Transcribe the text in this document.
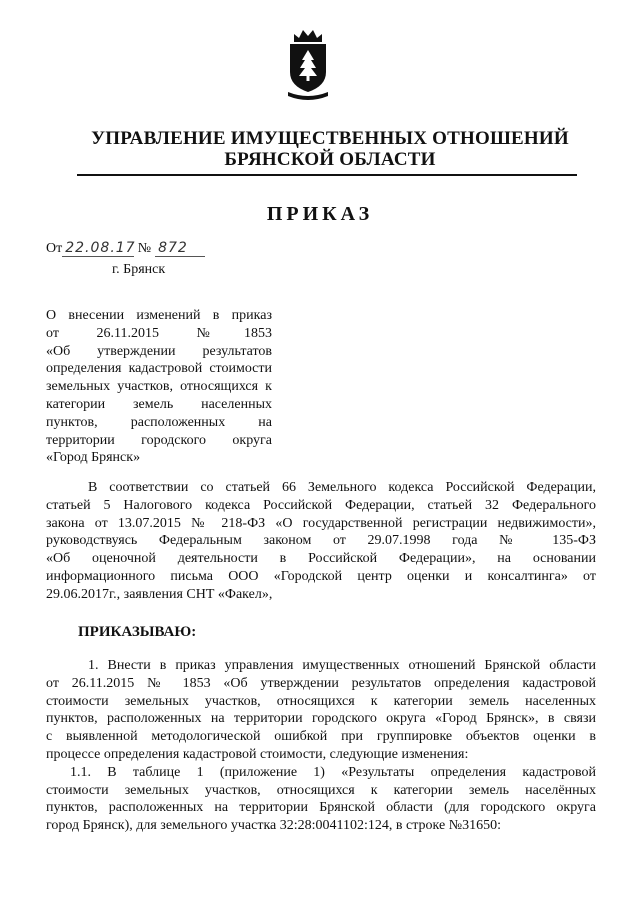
УПРАВЛЕНИЕ ИМУЩЕСТВЕННЫХ ОТНОШЕНИЙ
БРЯНСКОЙ ОБЛАСТИ
ПРИКАЗ
От 22.08.17 № 872
г. Брянск
О внесении изменений в приказ
от 26.11.2015 №1853
«Об утверждении результатов
определения кадастровой стоимости
земельных участков, относящихся к
категории земель населенных
пунктов, расположенных на
территории городского округа
«Город Брянск»
В соответствии со статьей 66 Земельного кодекса Российской Федерации,
статьей 5 Налогового кодекса Российской Федерации, статьей 32 Федерального
закона от 13.07.2015 № 218-ФЗ «О государственной регистрации недвижимости»,
руководствуясь Федеральным законом от 29.07.1998 года № 135-ФЗ
«Об оценочной деятельности в Российской Федерации», на основании
информационного письма ООО «Городской центр оценки и консалтинга» от
29.06.2017г., заявления СНТ «Факел»,
ПРИКАЗЫВАЮ:
1. Внести в приказ управления имущественных отношений Брянской области
от 26.11.2015 № 1853 «Об утверждении результатов определения кадастровой
стоимости земельных участков, относящихся к категории земель населенных
пунктов, расположенных на территории городского округа «Город Брянск», в связи
с выявленной методологической ошибкой при группировке объектов оценки в
процессе определения кадастровой стоимости, следующие изменения:
1.1. В таблице 1 (приложение 1) «Результаты определения кадастровой
стоимости земельных участков, относящихся к категории земель населённых
пунктов, расположенных на территории Брянской области (для городского округа
город Брянск), для земельного участка 32:28:0041102:124, в строке №31650:
